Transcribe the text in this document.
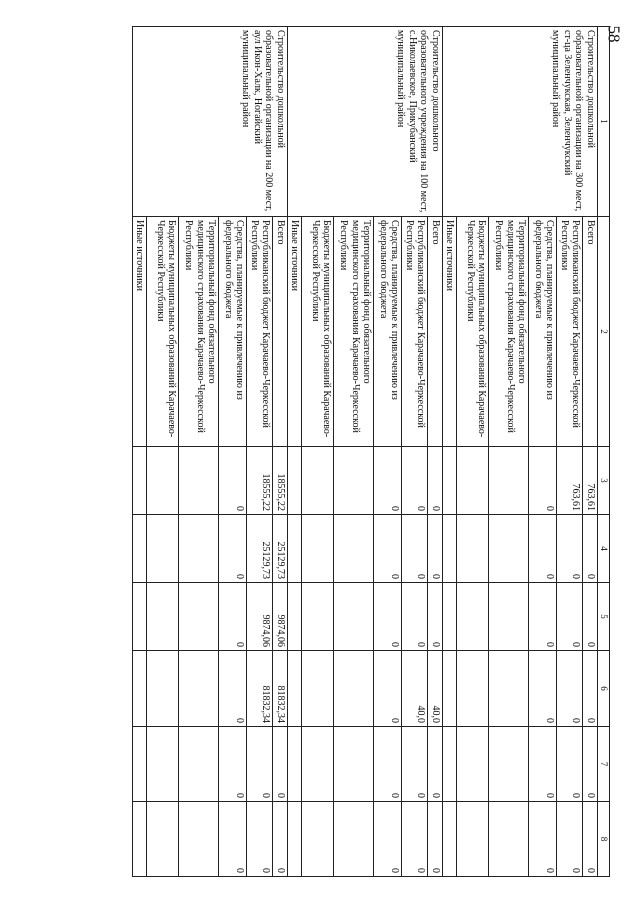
58
1	2	3	4	5	6	7	8
Строительство дошкольной образовательной организации на 300 мест, ст-ца Зеленчукская, Зеленчукский муниципальный район	Всего	763,61	0	0	0	0	0
	Республиканский бюджет Карачаево-Черкесской Республики	763,61	0	0	0	0	0
	Средства, планируемые к привлечению из федерального бюджета	0	0	0	0	0	0
	Территориальный фонд обязательного медицинского страхования Карачаево-Черкесской Республики						
	Бюджеты муниципальных образований Карачаево-Черкесской Республики						
	Иные источники						
Строительство дошкольного образовательного учреждения на 100 мест, с.Николаевское, Прикубанский муниципальный район	Всего	0	0	0	40,0	0	0
	Республиканский бюджет Карачаево-Черкесской Республики	0	0	0	40,0	0	0
	Средства, планируемые к привлечению из федерального бюджета	0	0	0	0	0	0
	Территориальный фонд обязательного медицинского страхования Карачаево-Черкесской Республики						
	Бюджеты муниципальных образований Карачаево-Черкесской Республики						
	Иные источники						
Строительство дошкольной образовательной организации на 200 мест, аул Икон-Халк, Ногайский муниципальный район	Всего	18555,22	25129,73	9874,06	81832,34	0	0
	Республиканский бюджет Карачаево-Черкесской Республики	18555,22	25129,73	9874,06	81832,34	0	0
	Средства, планируемые к привлечению из федерального бюджета	0	0	0	0	0	0
	Территориальный фонд обязательного медицинского страхования Карачаево-Черкесской Республики						
	Бюджеты муниципальных образований Карачаево-Черкесской Республики						
	Иные источники						
